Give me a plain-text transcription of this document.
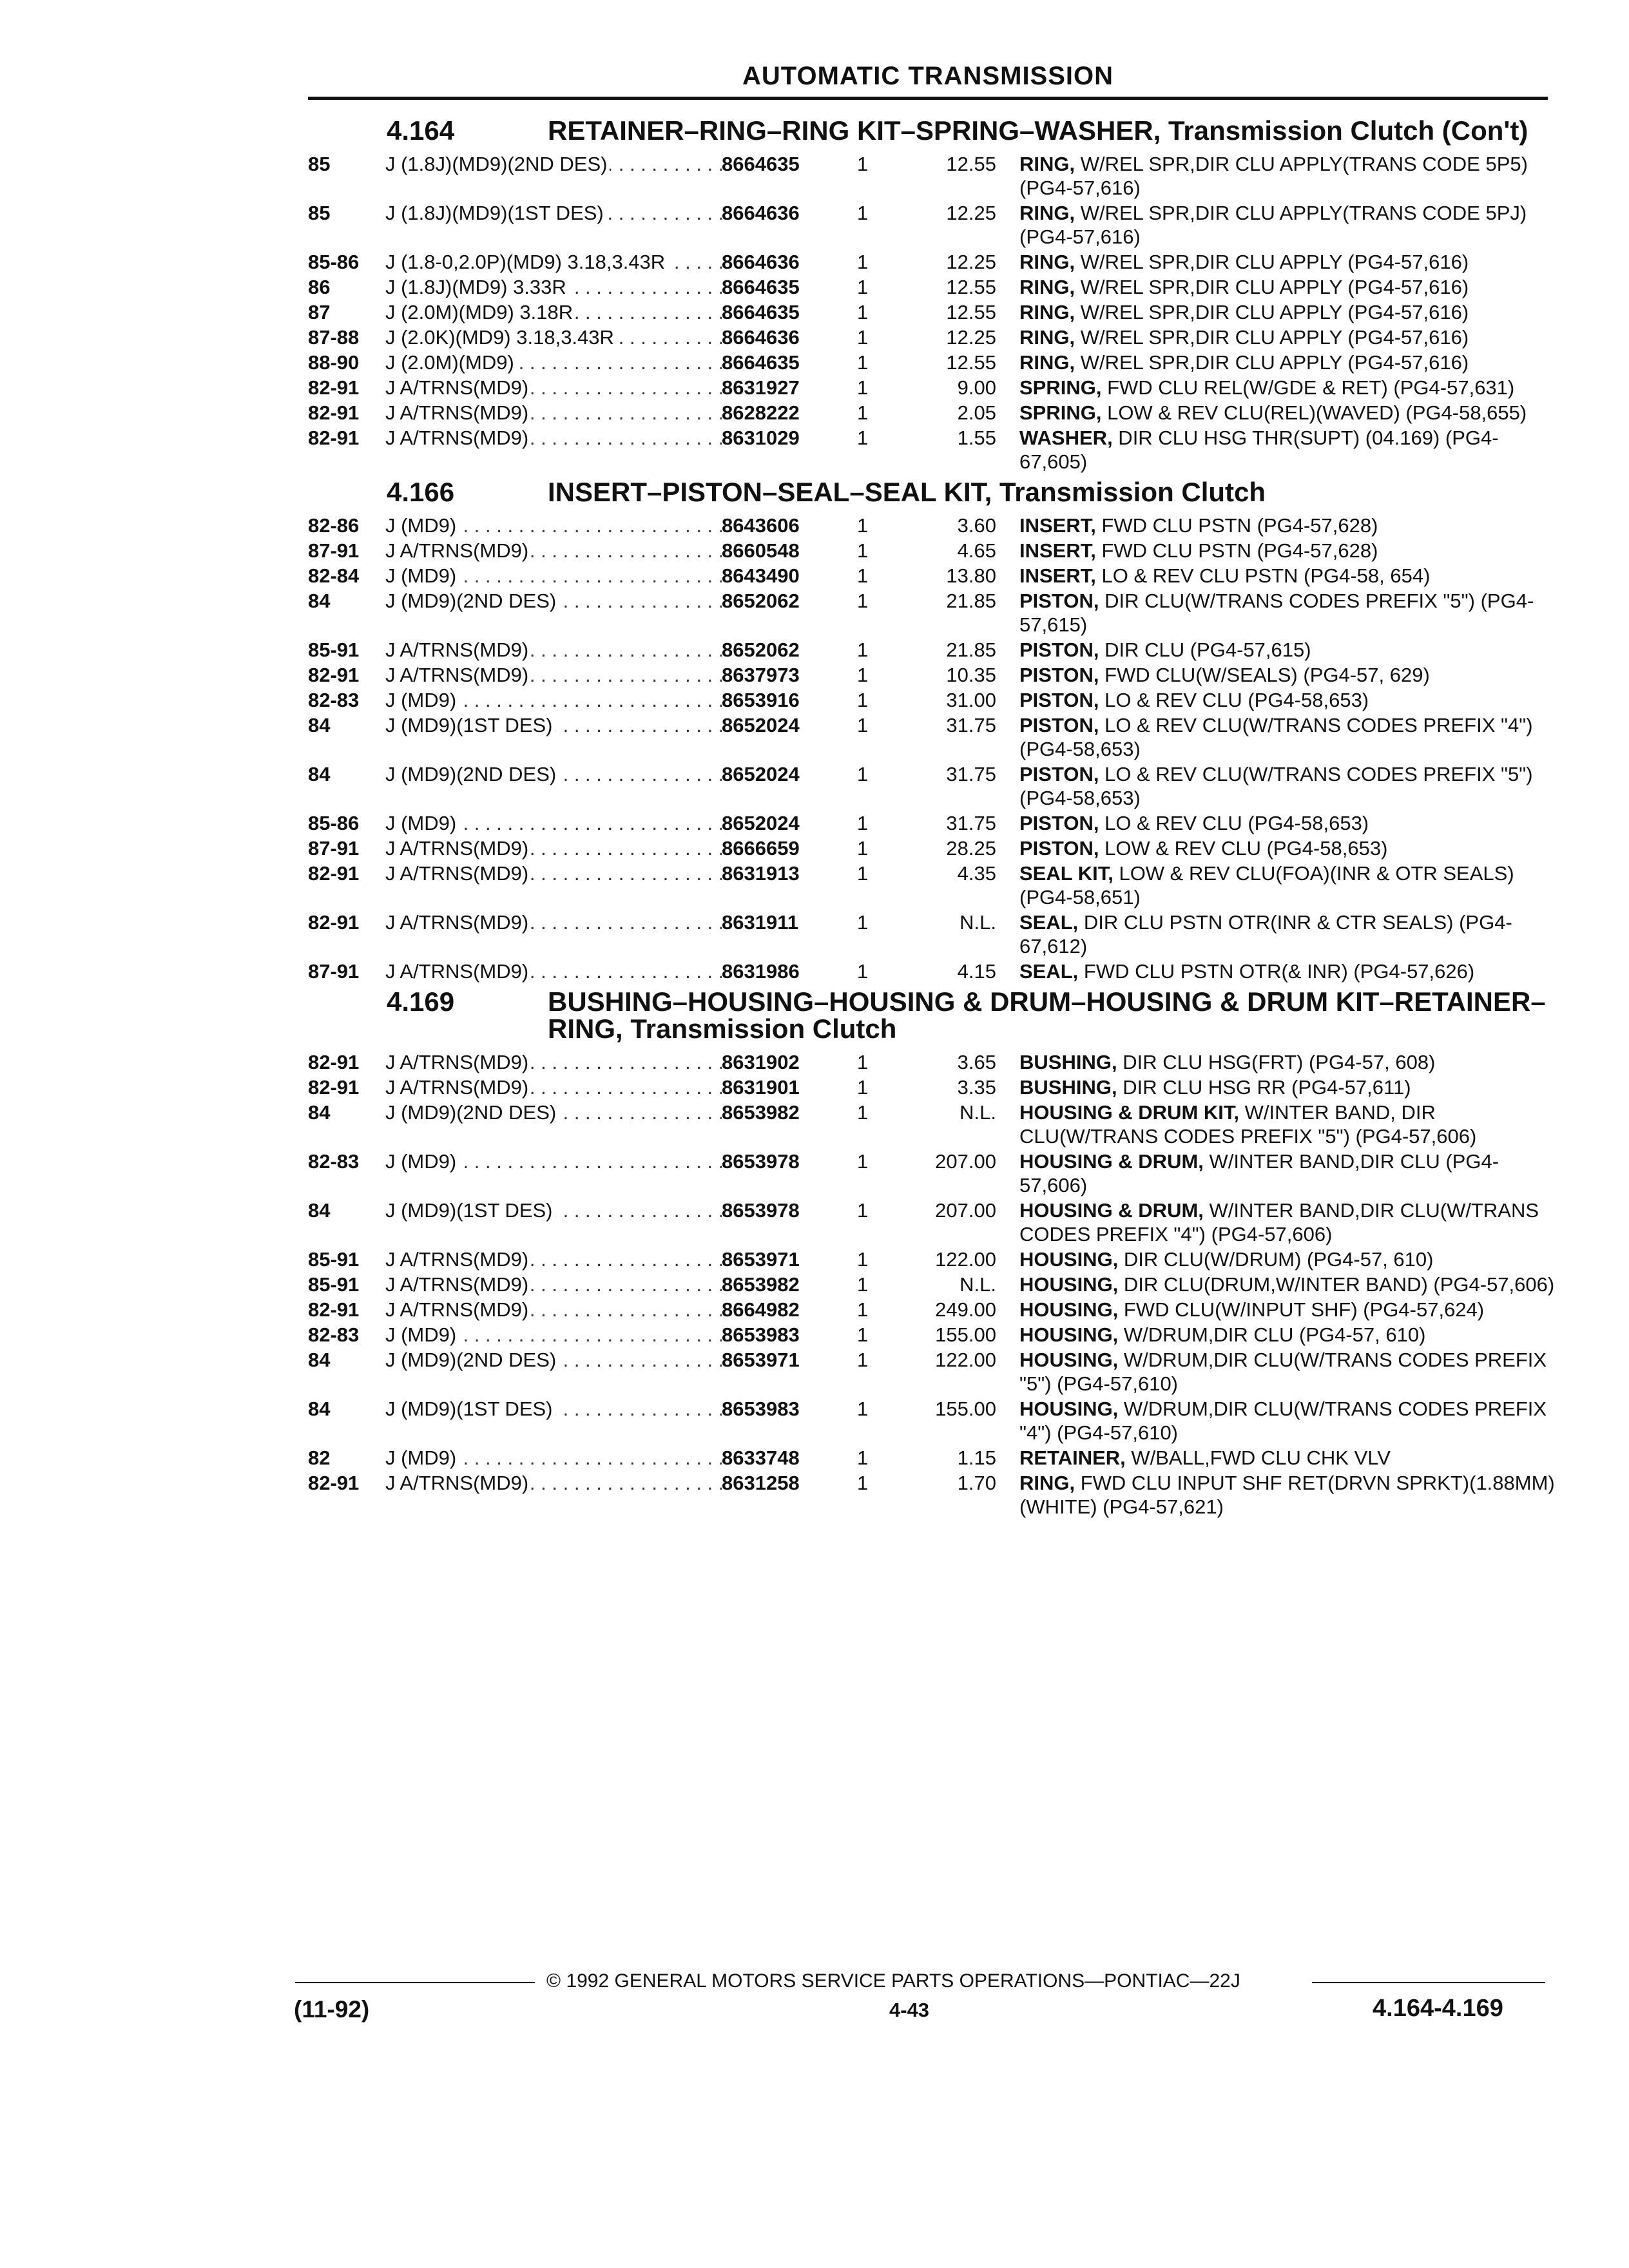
AUTOMATIC TRANSMISSION
4.164	RETAINER–RING–RING KIT–SPRING–WASHER, Transmission Clutch (Con't)
85	J (1.8J)(MD9)(2ND DES) . . .	8664635	1	12.55	RING, W/REL SPR,DIR CLU APPLY(TRANS CODE 5P5) (PG4-57,616)
85	J (1.8J)(MD9)(1ST DES) . . .	8664636	1	12.25	RING, W/REL SPR,DIR CLU APPLY(TRANS CODE 5PJ) (PG4-57,616)
85-86	J (1.8-0,2.0P)(MD9) 3.18,3.43R . . .	8664636	1	12.25	RING, W/REL SPR,DIR CLU APPLY (PG4-57,616)
86	J (1.8J)(MD9) 3.33R . . .	8664635	1	12.55	RING, W/REL SPR,DIR CLU APPLY (PG4-57,616)
87	J (2.0M)(MD9) 3.18R . . .	8664635	1	12.55	RING, W/REL SPR,DIR CLU APPLY (PG4-57,616)
87-88	J (2.0K)(MD9) 3.18,3.43R . . .	8664636	1	12.25	RING, W/REL SPR,DIR CLU APPLY (PG4-57,616)
88-90	J (2.0M)(MD9) . . .	8664635	1	12.55	RING, W/REL SPR,DIR CLU APPLY (PG4-57,616)
82-91	J A/TRNS(MD9) . . .	8631927	1	9.00	SPRING, FWD CLU REL(W/GDE & RET) (PG4-57,631)
82-91	J A/TRNS(MD9) . . .	8628222	1	2.05	SPRING, LOW & REV CLU(REL)(WAVED) (PG4-58,655)
82-91	J A/TRNS(MD9) . . .	8631029	1	1.55	WASHER, DIR CLU HSG THR(SUPT) (04.169) (PG4-67,605)
4.166	INSERT–PISTON–SEAL–SEAL KIT, Transmission Clutch
82-86	J (MD9) . . .	8643606	1	3.60	INSERT, FWD CLU PSTN (PG4-57,628)
87-91	J A/TRNS(MD9) . . .	8660548	1	4.65	INSERT, FWD CLU PSTN (PG4-57,628)
82-84	J (MD9) . . .	8643490	1	13.80	INSERT, LO & REV CLU PSTN (PG4-58, 654)
84	J (MD9)(2ND DES) . . .	8652062	1	21.85	PISTON, DIR CLU(W/TRANS CODES PREFIX "5") (PG4-57,615)
85-91	J A/TRNS(MD9) . . .	8652062	1	21.85	PISTON, DIR CLU (PG4-57,615)
82-91	J A/TRNS(MD9) . . .	8637973	1	10.35	PISTON, FWD CLU(W/SEALS) (PG4-57, 629)
82-83	J (MD9) . . .	8653916	1	31.00	PISTON, LO & REV CLU (PG4-58,653)
84	J (MD9)(1ST DES) . . .	8652024	1	31.75	PISTON, LO & REV CLU(W/TRANS CODES PREFIX "4") (PG4-58,653)
84	J (MD9)(2ND DES) . . .	8652024	1	31.75	PISTON, LO & REV CLU(W/TRANS CODES PREFIX "5") (PG4-58,653)
85-86	J (MD9) . . .	8652024	1	31.75	PISTON, LO & REV CLU (PG4-58,653)
87-91	J A/TRNS(MD9) . . .	8666659	1	28.25	PISTON, LOW & REV CLU (PG4-58,653)
82-91	J A/TRNS(MD9) . . .	8631913	1	4.35	SEAL KIT, LOW & REV CLU(FOA)(INR & OTR SEALS) (PG4-58,651)
82-91	J A/TRNS(MD9) . . .	8631911	1	N.L.	SEAL, DIR CLU PSTN OTR(INR & CTR SEALS) (PG4-67,612)
87-91	J A/TRNS(MD9) . . .	8631986	1	4.15	SEAL, FWD CLU PSTN OTR(& INR) (PG4-57,626)
4.169	BUSHING–HOUSING–HOUSING & DRUM–HOUSING & DRUM KIT–RETAINER–RING, Transmission Clutch
82-91	J A/TRNS(MD9) . . .	8631902	1	3.65	BUSHING, DIR CLU HSG(FRT) (PG4-57, 608)
82-91	J A/TRNS(MD9) . . .	8631901	1	3.35	BUSHING, DIR CLU HSG RR (PG4-57,611)
84	J (MD9)(2ND DES) . . .	8653982	1	N.L.	HOUSING & DRUM KIT, W/INTER BAND, DIR CLU(W/TRANS CODES PREFIX "5") (PG4-57,606)
82-83	J (MD9) . . .	8653978	1	207.00	HOUSING & DRUM, W/INTER BAND,DIR CLU (PG4-57,606)
84	J (MD9)(1ST DES) . . .	8653978	1	207.00	HOUSING & DRUM, W/INTER BAND,DIR CLU(W/TRANS CODES PREFIX "4") (PG4-57,606)
85-91	J A/TRNS(MD9) . . .	8653971	1	122.00	HOUSING, DIR CLU(W/DRUM) (PG4-57, 610)
85-91	J A/TRNS(MD9) . . .	8653982	1	N.L.	HOUSING, DIR CLU(DRUM,W/INTER BAND) (PG4-57,606)
82-91	J A/TRNS(MD9) . . .	8664982	1	249.00	HOUSING, FWD CLU(W/INPUT SHF) (PG4-57,624)
82-83	J (MD9) . . .	8653983	1	155.00	HOUSING, W/DRUM,DIR CLU (PG4-57, 610)
84	J (MD9)(2ND DES) . . .	8653971	1	122.00	HOUSING, W/DRUM,DIR CLU(W/TRANS CODES PREFIX "5") (PG4-57,610)
84	J (MD9)(1ST DES) . . .	8653983	1	155.00	HOUSING, W/DRUM,DIR CLU(W/TRANS CODES PREFIX "4") (PG4-57,610)
82	J (MD9) . . .	8633748	1	1.15	RETAINER, W/BALL,FWD CLU CHK VLV
82-91	J A/TRNS(MD9) . . .	8631258	1	1.70	RING, FWD CLU INPUT SHF RET(DRVN SPRKT)(1.88MM)(WHITE) (PG4-57,621)
© 1992 GENERAL MOTORS SERVICE PARTS OPERATIONS—PONTIAC—22J
(11-92)	4-43	4.164-4.169
